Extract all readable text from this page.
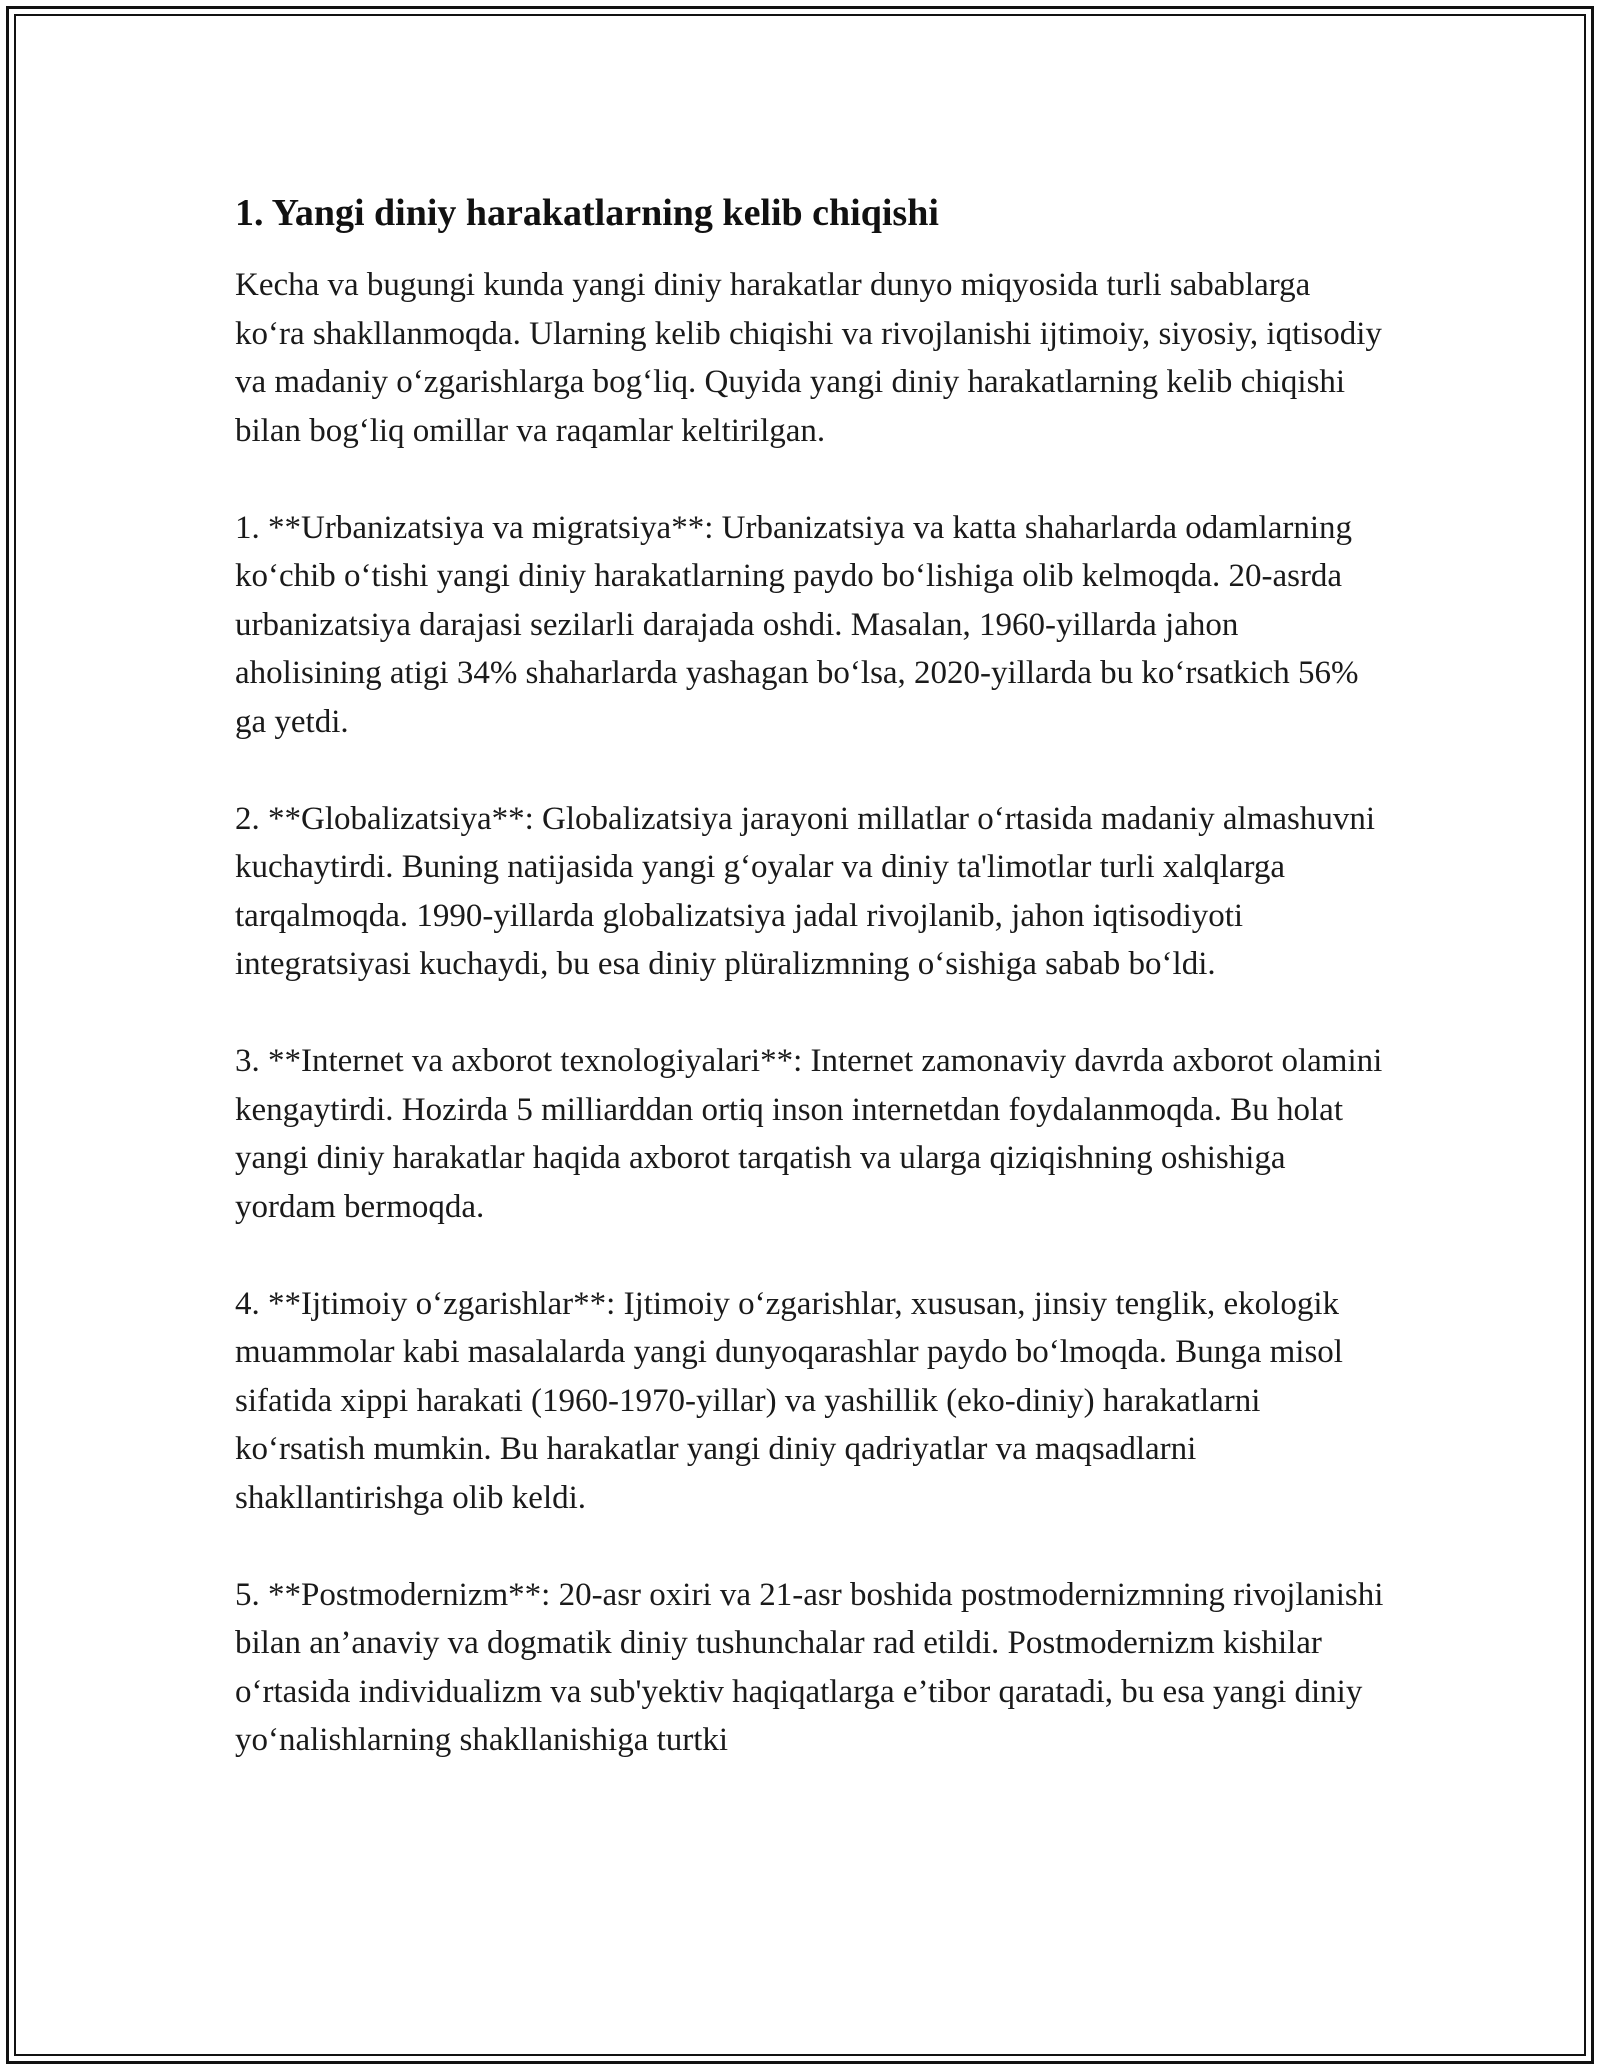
1. Yangi diniy harakatlarning kelib chiqishi

Kecha va bugungi kunda yangi diniy harakatlar dunyo miqyosida turli sabablarga koʻra shakllanmoqda. Ularning kelib chiqishi va rivojlanishi ijtimoiy, siyosiy, iqtisodiy va madaniy oʻzgarishlarga bogʻliq. Quyida yangi diniy harakatlarning kelib chiqishi bilan bogʻliq omillar va raqamlar keltirilgan.

1. **Urbanizatsiya va migratsiya**: Urbanizatsiya va katta shaharlarda odamlarning koʻchib oʻtishi yangi diniy harakatlarning paydo boʻlishiga olib kelmoqda. 20-asrda urbanizatsiya darajasi sezilarli darajada oshdi. Masalan, 1960-yillarda jahon aholisining atigi 34% shaharlarda yashagan boʻlsa, 2020-yillarda bu koʻrsatkich 56% ga yetdi.

2. **Globalizatsiya**: Globalizatsiya jarayoni millatlar oʻrtasida madaniy almashuvni kuchaytirdi. Buning natijasida yangi gʻoyalar va diniy ta'limotlar turli xalqlarga tarqalmoqda. 1990-yillarda globalizatsiya jadal rivojlanib, jahon iqtisodiyoti integratsiyasi kuchaydi, bu esa diniy plüralizmning oʻsishiga sabab boʻldi.

3. **Internet va axborot texnologiyalari**: Internet zamonaviy davrda axborot olamini kengaytirdi. Hozirda 5 milliarddan ortiq inson internetdan foydalanmoqda. Bu holat yangi diniy harakatlar haqida axborot tarqatish va ularga qiziqishning oshishiga yordam bermoqda.

4. **Ijtimoiy oʻzgarishlar**: Ijtimoiy oʻzgarishlar, xususan, jinsiy tenglik, ekologik muammolar kabi masalalarda yangi dunyoqarashlar paydo boʻlmoqda. Bunga misol sifatida xippi harakati (1960-1970-yillar) va yashillik (eko-diniy) harakatlarni koʻrsatish mumkin. Bu harakatlar yangi diniy qadriyatlar va maqsadlarni shakllantirishga olib keldi.

5. **Postmodernizm**: 20-asr oxiri va 21-asr boshida postmodernizmning rivojlanishi bilan an’anaviy va dogmatik diniy tushunchalar rad etildi. Postmodernizm kishilar oʻrtasida individualizm va sub'yektiv haqiqatlarga e’tibor qaratadi, bu esa yangi diniy yoʻnalishlarning shakllanishiga turtki
